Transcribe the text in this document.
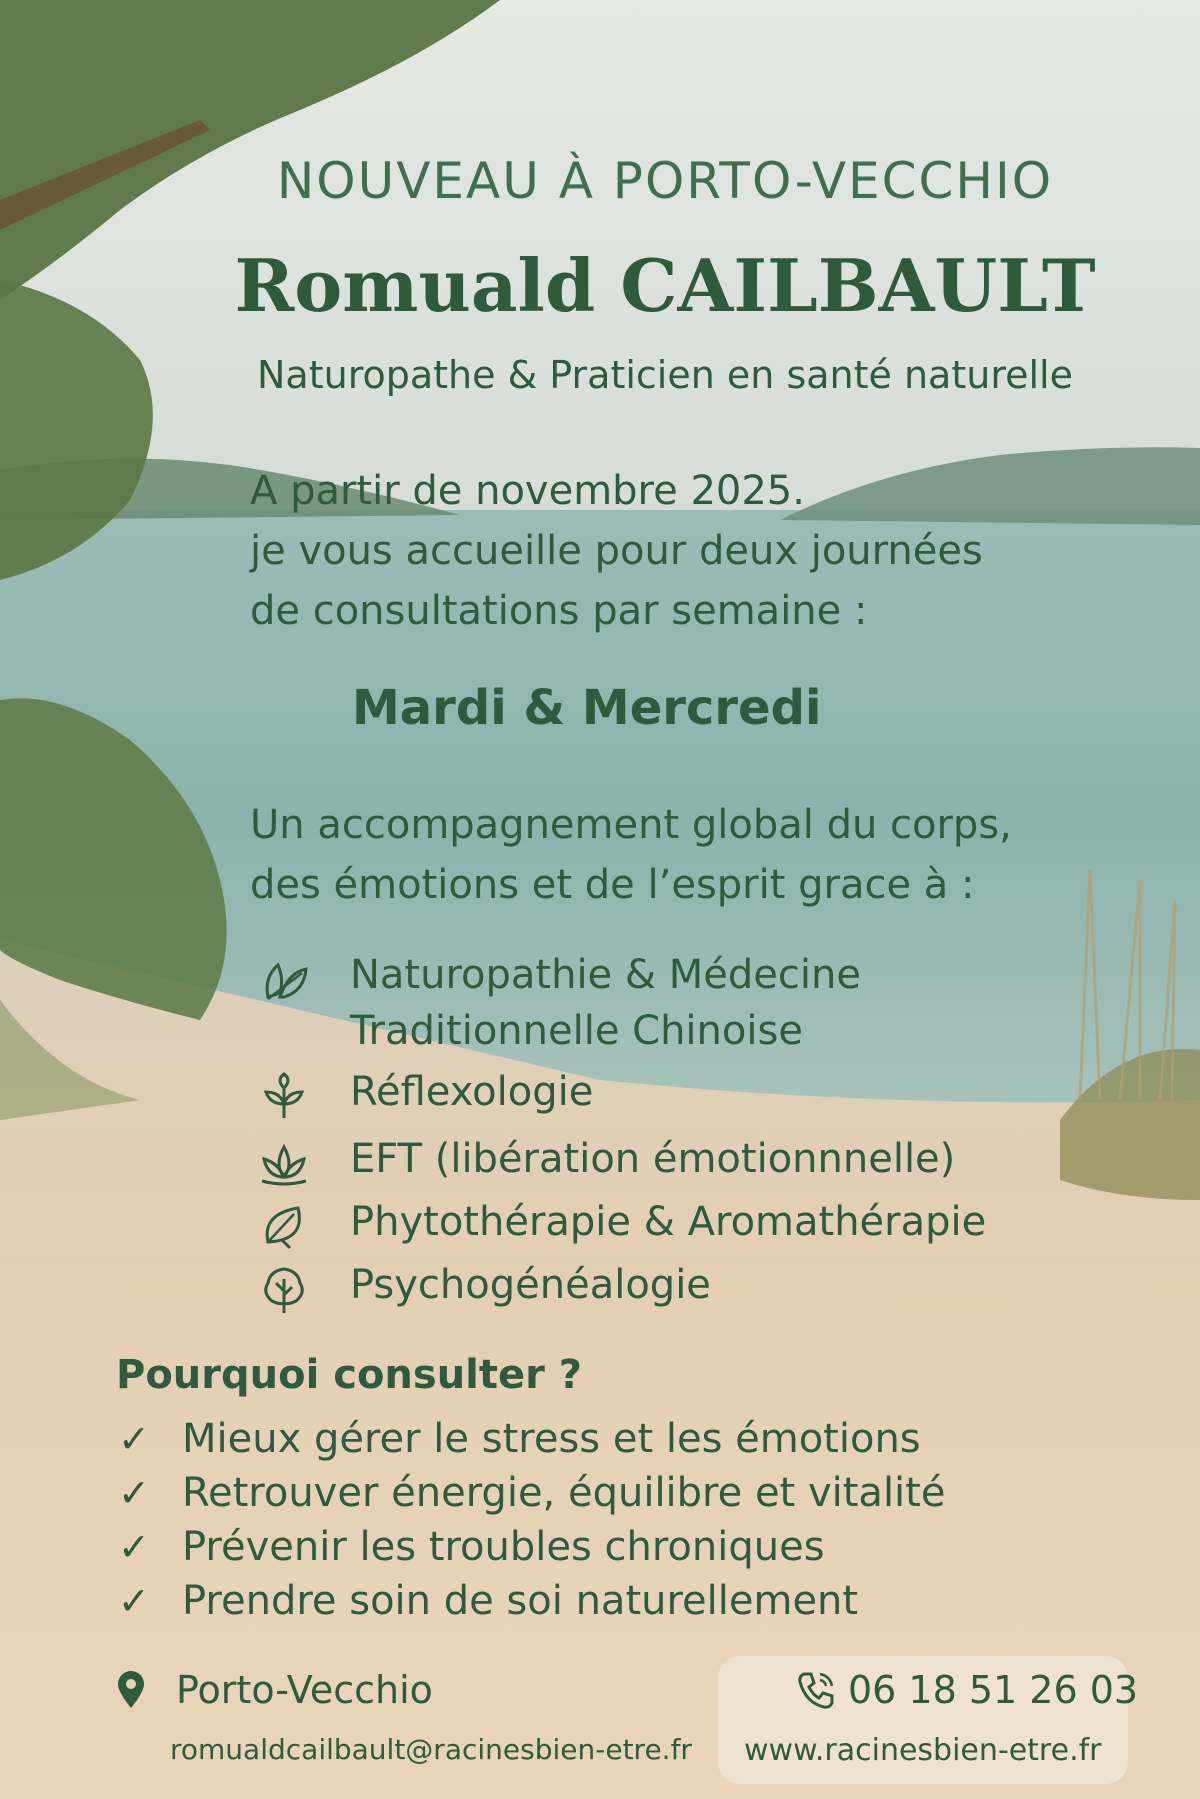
NOUVEAU À PORTO-VECCHIO
Romuald CAILBAULT
Naturopathe & Praticien en santé naturelle
A partir de novembre 2025.
je vous accueille pour deux journées
de consultations par semaine :
Mardi & Mercredi
Un accompagnement global du corps,
des émotions et de l’esprit grace à :
Naturopathie & Médecine
Traditionnelle Chinoise
Réflexologie
EFT (libération émotionnnelle)
Phytothérapie & Aromathérapie
Psychogénéalogie
Pourquoi consulter ?
✓ Mieux gérer le stress et les émotions
✓ Retrouver énergie, équilibre et vitalité
✓ Prévenir les troubles chroniques
✓ Prendre soin de soi naturellement
Porto-Vecchio
romualdcailbault@racinesbien-etre.fr
06 18 51 26 03
www.racinesbien-etre.fr
